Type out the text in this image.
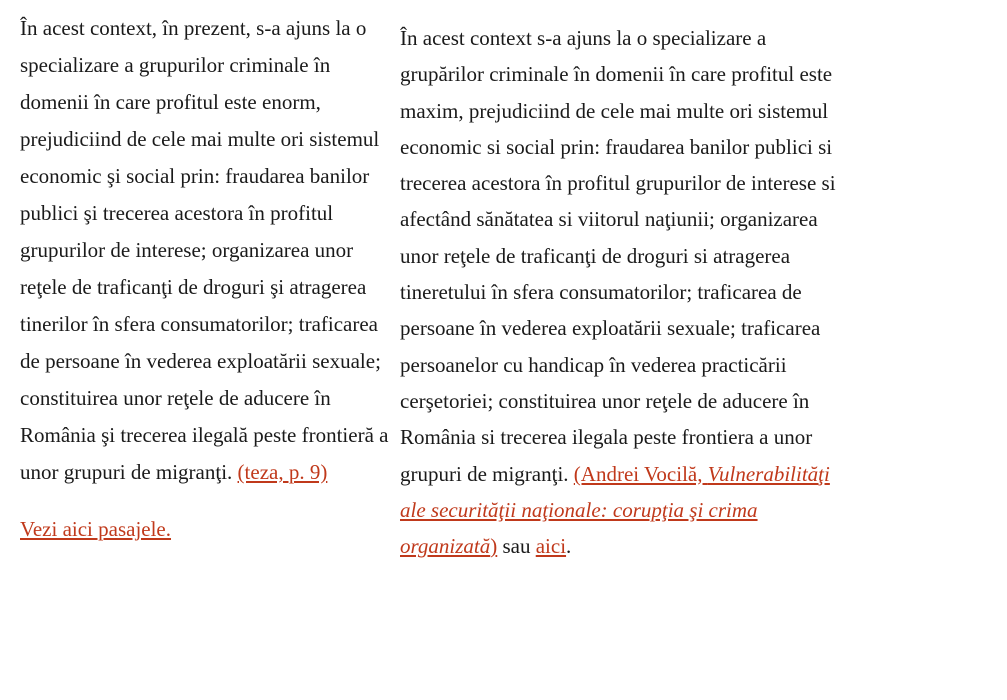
În acest context, în prezent, s-a ajuns la o specializare a grupurilor criminale în domenii în care profitul este enorm, prejudiciind de cele mai multe ori sistemul economic şi social prin: fraudarea banilor publici şi trecerea acestora în profitul grupurilor de interese; organizarea unor reţele de traficanţi de droguri şi atragerea tinerilor în sfera consumatorilor; traficarea de persoane în vederea exploatării sexuale; constituirea unor reţele de aducere în România şi trecerea ilegală peste frontieră a unor grupuri de migranţi. (teza, p. 9)

Vezi aici pasajele.

În acest context s-a ajuns la o specializare a grupărilor criminale în domenii în care profitul este maxim, prejudiciind de cele mai multe ori sistemul economic si social prin: fraudarea banilor publici si trecerea acestora în profitul grupurilor de interese si afectând sănătatea si viitorul naţiunii; organizarea unor reţele de traficanţi de droguri si atragerea tineretului în sfera consumatorilor; traficarea de persoane în vederea exploatării sexuale; traficarea persoanelor cu handicap în vederea practicării cerşetoriei; constituirea unor reţele de aducere în România si trecerea ilegala peste frontiera a unor grupuri de migranţi. (Andrei Vocilă, Vulnerabilităţi ale securităţii naţionale: corupţia şi crima organizată) sau aici.
